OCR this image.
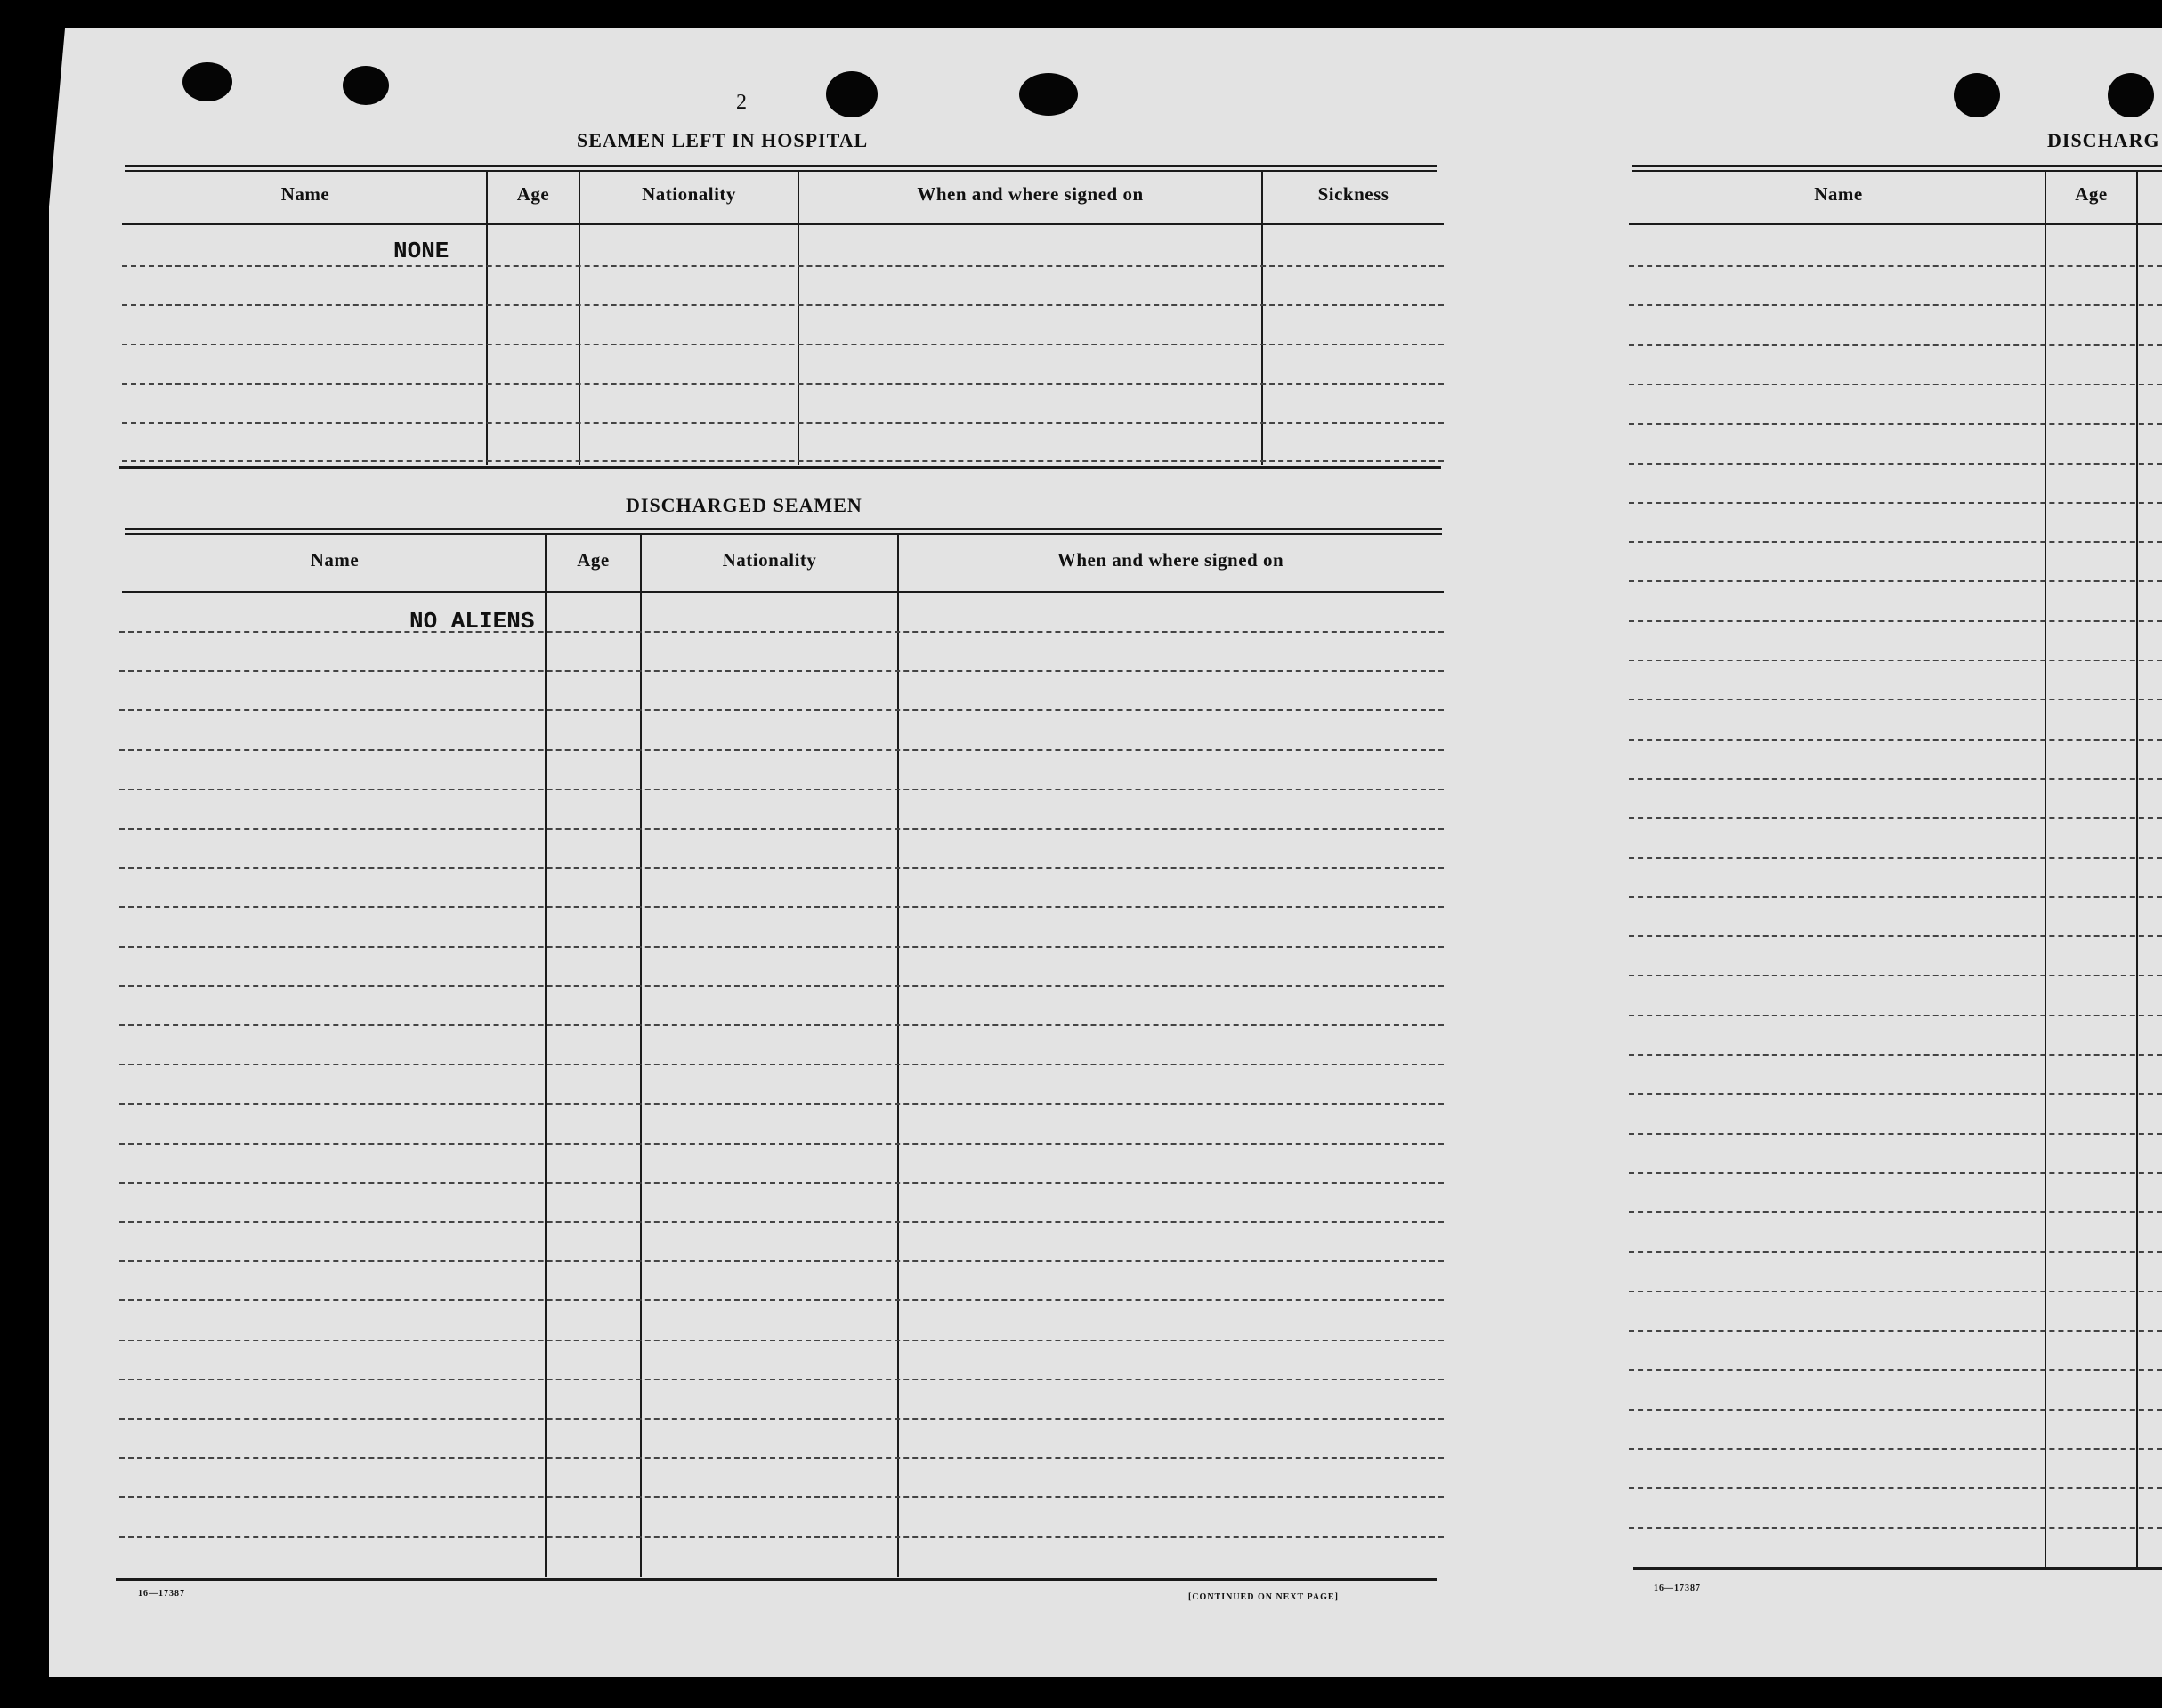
2
SEAMEN LEFT IN HOSPITAL
Name	Age	Nationality	When and where signed on	Sickness
NONE
DISCHARGED SEAMEN
Name	Age	Nationality	When and where signed on
NO ALIENS
16—17387	[CONTINUED ON NEXT PAGE]
DISCHARG
Name	Age
16—17387
